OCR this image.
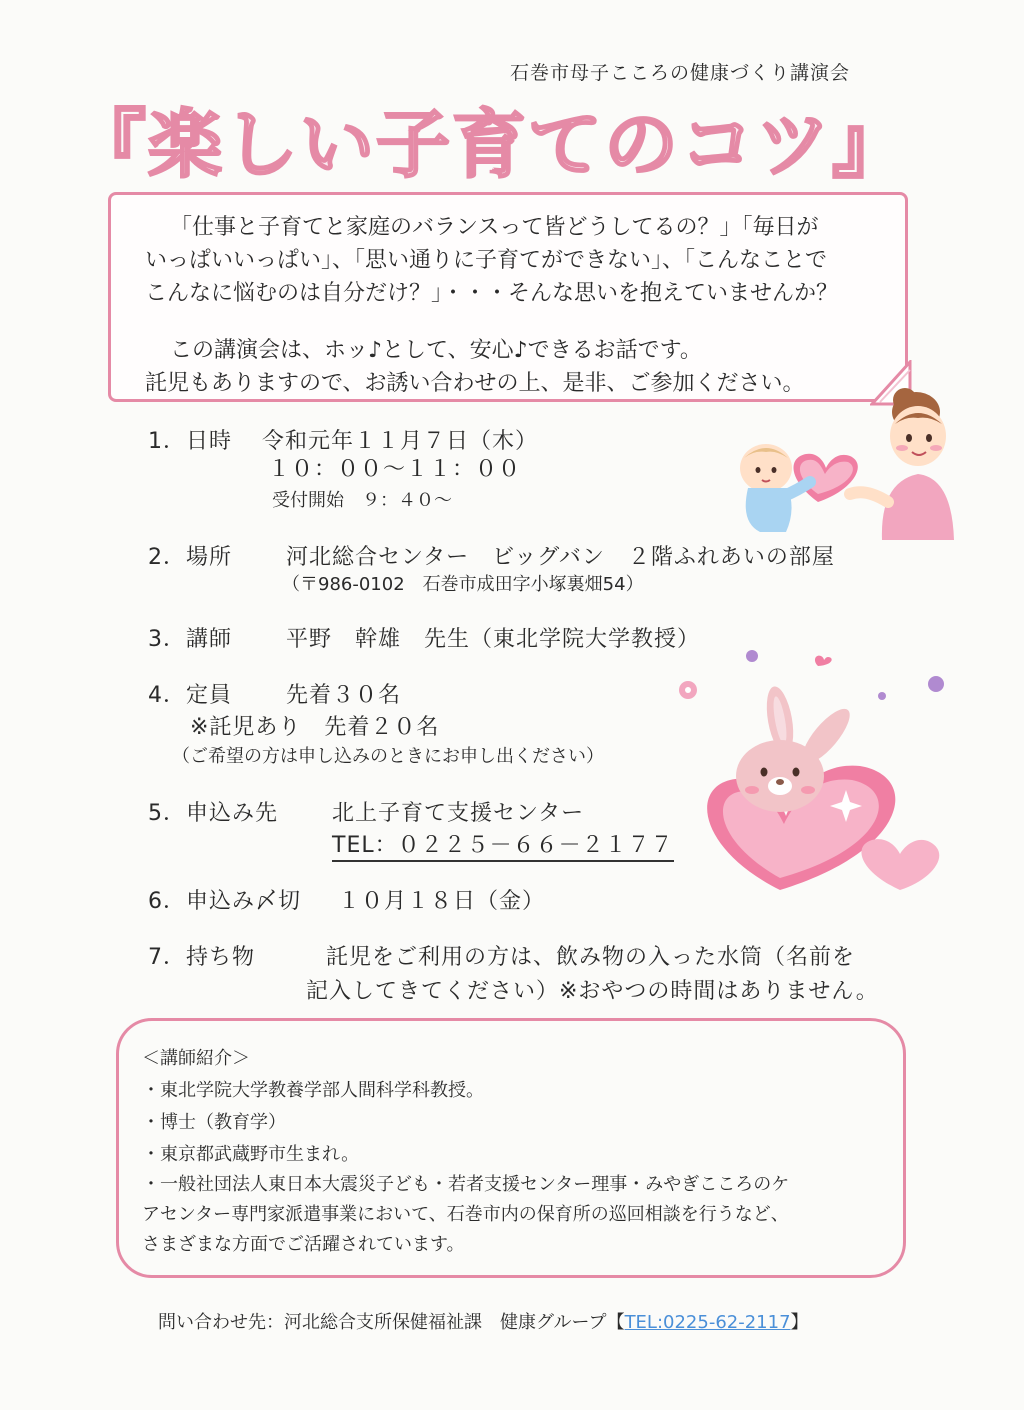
石巻市母子こころの健康づくり講演会
『楽しい子育てのコツ』
「仕事と子育てと家庭のバランスって皆どうしてるの？」「毎日が
いっぱいいっぱい」、「思い通りに子育てができない」、「こんなことで
こんなに悩むのは自分だけ？」・・・そんな思いを抱えていませんか？
この講演会は、ホッ♪として、安心♪できるお話です。
託児もありますので、お誘い合わせの上、是非、ご参加ください。
1．日時 令和元年１１月７日（木）
１０：００～１１：００
受付開始　９：４０～
2．場所 河北総合センター　ビッグバン　２階ふれあいの部屋
（〒986-0102　石巻市成田字小塚裏畑54）
3．講師 平野　幹雄　先生（東北学院大学教授）
4．定員 先着３０名
※託児あり　先着２０名
（ご希望の方は申し込みのときにお申し出ください）
5．申込み先 北上子育て支援センター
TEL：０２２５－６６－２１７７
6．申込み〆切 １０月１８日（金）
7．持ち物	託児をご利用の方は、飲み物の入った水筒（名前を
記入してきてください）※おやつの時間はありません。
＜講師紹介＞
・東北学院大学教養学部人間科学科教授。
・博士（教育学）
・東京都武蔵野市生まれ。
・一般社団法人東日本大震災子ども・若者支援センター理事・みやぎこころのケ
アセンター専門家派遣事業において、石巻市内の保育所の巡回相談を行うなど、
さまざまな方面でご活躍されています。
問い合わせ先：河北総合支所保健福祉課　健康グループ【TEL:0225-62-2117】
